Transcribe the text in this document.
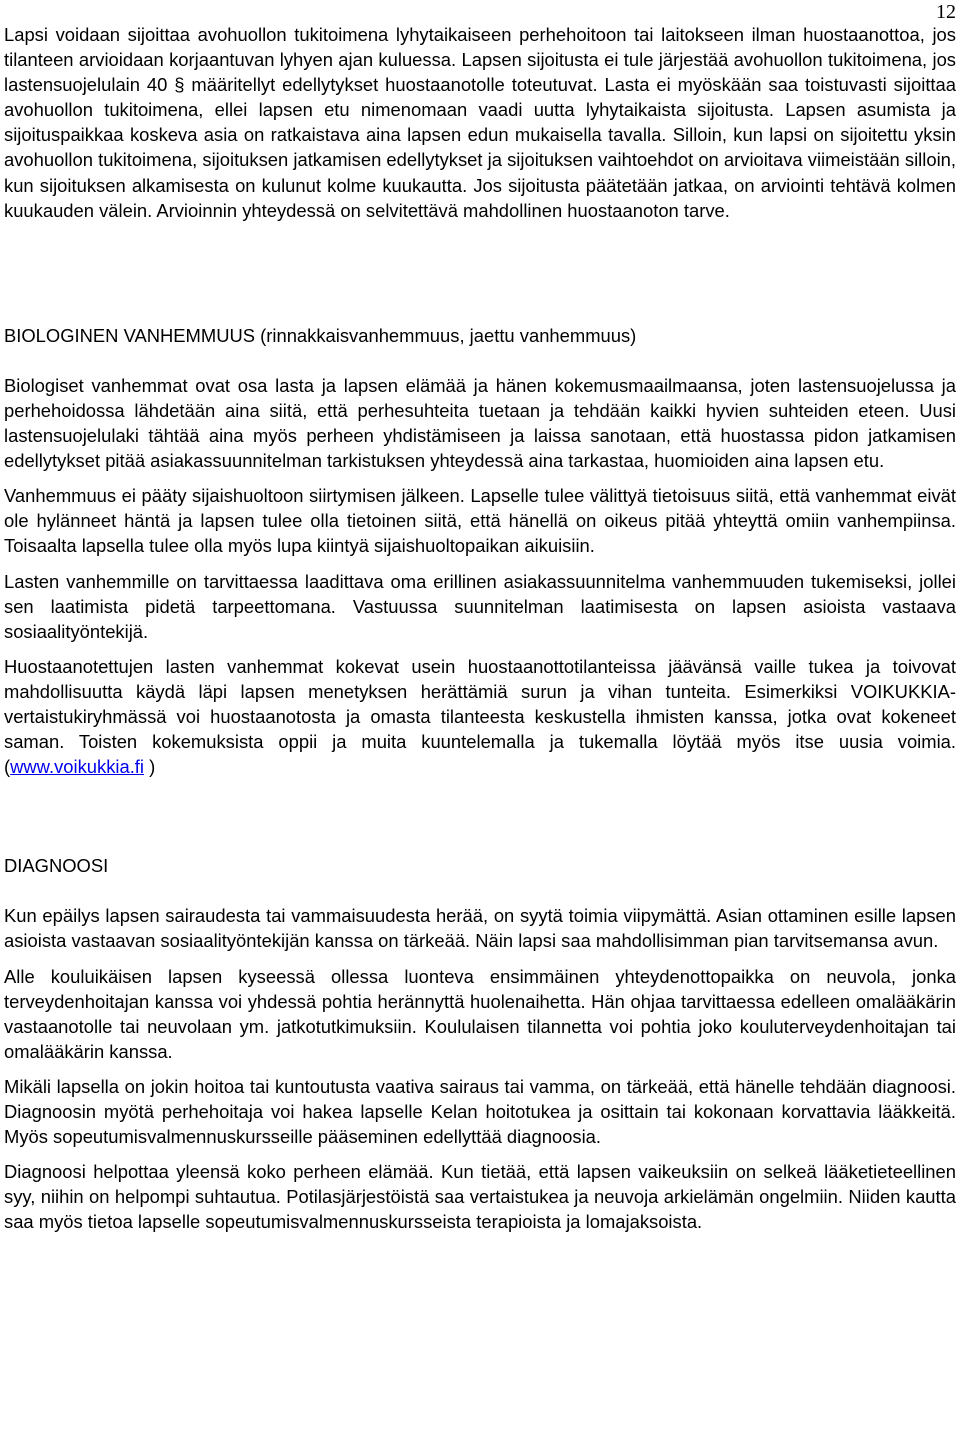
12

Lapsi voidaan sijoittaa avohuollon tukitoimena lyhytaikaiseen perhehoitoon tai laitokseen ilman huostaanottoa, jos tilanteen arvioidaan korjaantuvan lyhyen ajan kuluessa. Lapsen sijoitusta ei tule järjestää avohuollon tukitoimena, jos lastensuojelulain 40 § määritellyt edellytykset huostaanotolle toteutuvat. Lasta ei myöskään saa toistuvasti sijoittaa avohuollon tukitoimena, ellei lapsen etu nimenomaan vaadi uutta lyhytaikaista sijoitusta. Lapsen asumista ja sijoituspaikkaa koskeva asia on ratkaistava aina lapsen edun mukaisella tavalla. Silloin, kun lapsi on sijoitettu yksin avohuollon tukitoimena, sijoituksen jatkamisen edellytykset ja sijoituksen vaihtoehdot on arvioitava viimeistään silloin, kun sijoituksen alkamisesta on kulunut kolme kuukautta. Jos sijoitusta päätetään jatkaa, on arviointi tehtävä kolmen kuukauden välein. Arvioinnin yhteydessä on selvitettävä mahdollinen huostaanoton tarve.

BIOLOGINEN VANHEMMUUS (rinnakkaisvanhemmuus, jaettu vanhemmuus)

Biologiset vanhemmat ovat osa lasta ja lapsen elämää ja hänen kokemusmaailmaansa, joten lastensuojelussa ja perhehoidossa lähdetään aina siitä, että perhesuhteita tuetaan ja tehdään kaikki hyvien suhteiden eteen. Uusi lastensuojelulaki tähtää aina myös perheen yhdistämiseen ja laissa sanotaan, että huostassa pidon jatkamisen edellytykset pitää asiakassuunnitelman tarkistuksen yhteydessä aina tarkastaa, huomioiden aina lapsen etu.

Vanhemmuus ei pääty sijaishuoltoon siirtymisen jälkeen. Lapselle tulee välittyä tietoisuus siitä, että vanhemmat eivät ole hylänneet häntä ja lapsen tulee olla tietoinen siitä, että hänellä on oikeus pitää yhteyttä omiin vanhempiinsa. Toisaalta lapsella tulee olla myös lupa kiintyä sijaishuoltopaikan aikuisiin.

Lasten vanhemmille on tarvittaessa laadittava oma erillinen asiakassuunnitelma vanhemmuuden tukemiseksi, jollei sen laatimista pidetä tarpeettomana. Vastuussa suunnitelman laatimisesta on lapsen asioista vastaava sosiaalityöntekijä.

Huostaanotettujen lasten vanhemmat kokevat usein huostaanottotilanteissa jäävänsä vaille tukea ja toivovat mahdollisuutta käydä läpi lapsen menetyksen herättämiä surun ja vihan tunteita. Esimerkiksi VOIKUKKIA- vertaistukiryhmässä voi huostaanotosta ja omasta tilanteesta keskustella ihmisten kanssa, jotka ovat kokeneet saman. Toisten kokemuksista oppii ja muita kuuntelemalla ja tukemalla löytää myös itse uusia voimia. (www.voikukkia.fi )

DIAGNOOSI

Kun epäilys lapsen sairaudesta tai vammaisuudesta herää, on syytä toimia viipymättä. Asian ottaminen esille lapsen asioista vastaavan sosiaalityöntekijän kanssa on tärkeää. Näin lapsi saa mahdollisimman pian tarvitsemansa avun.

Alle kouluikäisen lapsen kyseessä ollessa luonteva ensimmäinen yhteydenottopaikka on neuvola, jonka terveydenhoitajan kanssa voi yhdessä pohtia herännyttä huolenaihetta. Hän ohjaa tarvittaessa edelleen omalääkärin vastaanotolle tai neuvolaan ym. jatkotutkimuksiin. Koululaisen tilannetta voi pohtia joko kouluterveydenhoitajan tai omalääkärin kanssa.

Mikäli lapsella on jokin hoitoa tai kuntoutusta vaativa sairaus tai vamma, on tärkeää, että hänelle tehdään diagnoosi. Diagnoosin myötä perhehoitaja voi hakea lapselle Kelan hoitotukea ja osittain tai kokonaan korvattavia lääkkeitä. Myös sopeutumisvalmennuskursseille pääseminen edellyttää diagnoosia.

Diagnoosi helpottaa yleensä koko perheen elämää. Kun tietää, että lapsen vaikeuksiin on selkeä lääketieteellinen syy, niihin on helpompi suhtautua. Potilasjärjestöistä saa vertaistukea ja neuvoja arkielämän ongelmiin. Niiden kautta saa myös tietoa lapselle sopeutumisvalmennuskursseista terapioista ja lomajaksoista.
